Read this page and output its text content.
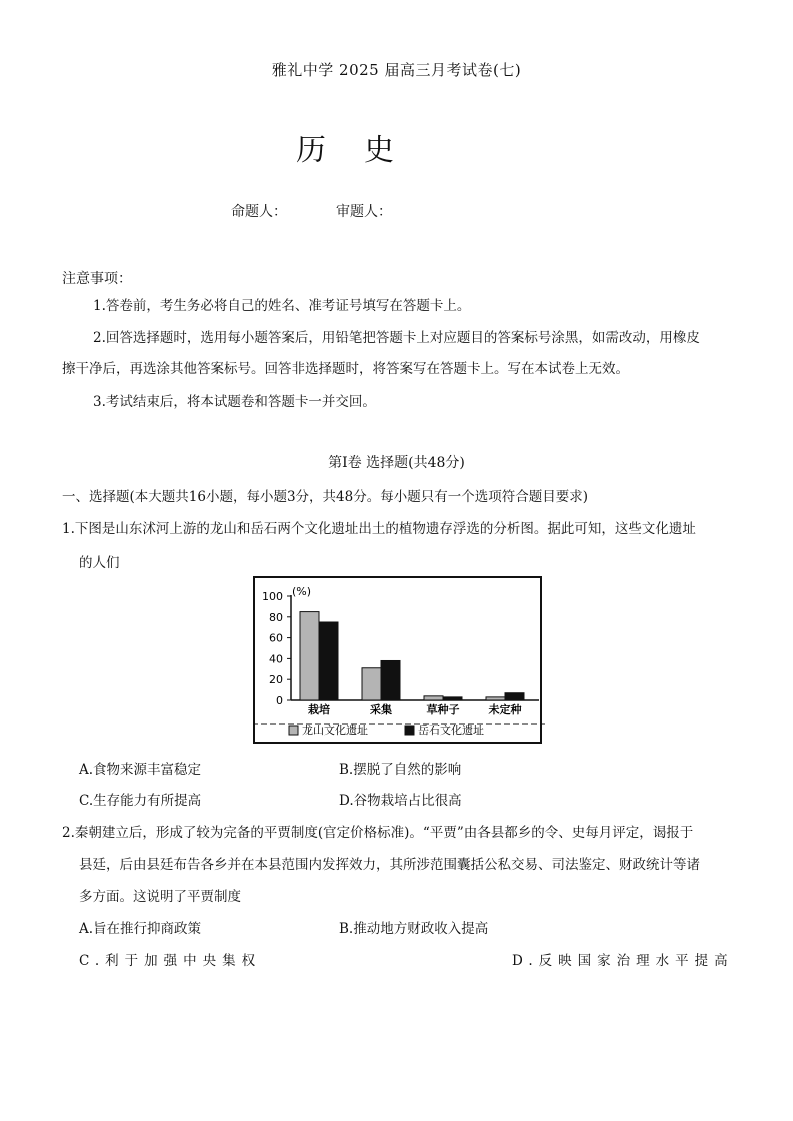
雅礼中学 2025 届高三月考试卷(七)
历史
命题人：	审题人：
注意事项：
1.答卷前，考生务必将自己的姓名、准考证号填写在答题卡上。
2.回答选择题时，选用每小题答案后，用铅笔把答题卡上对应题目的答案标号涂黑，如需改动，用橡皮
擦干净后，再选涂其他答案标号。回答非选择题时，将答案写在答题卡上。写在本试卷上无效。
3.考试结束后，将本试题卷和答题卡一并交回。
第Ⅰ卷 选择题(共48分)
一、选择题(本大题共16小题，每小题3分，共48分。每小题只有一个选项符合题目要求)
1.下图是山东沭河上游的龙山和岳石两个文化遗址出土的植物遗存浮选的分析图。据此可知，这些文化遗址
的人们
(%)
0
20
40
60
80
100
栽培	采集	草种子	未定种
龙山文化遗址	岳石文化遗址
A.食物来源丰富稳定	B.摆脱了自然的影响
C.生存能力有所提高	D.谷物栽培占比很高
2.秦朝建立后，形成了较为完备的平贾制度(官定价格标准)。“平贾”由各县都乡的令、史每月评定，谒报于
县廷，后由县廷布告各乡并在本县范围内发挥效力，其所涉范围囊括公私交易、司法鉴定、财政统计等诸
多方面。这说明了平贾制度
A.旨在推行抑商政策	B.推动地方财政收入提高
C.利于加强中央集权	D.反映国家治理水平提高
